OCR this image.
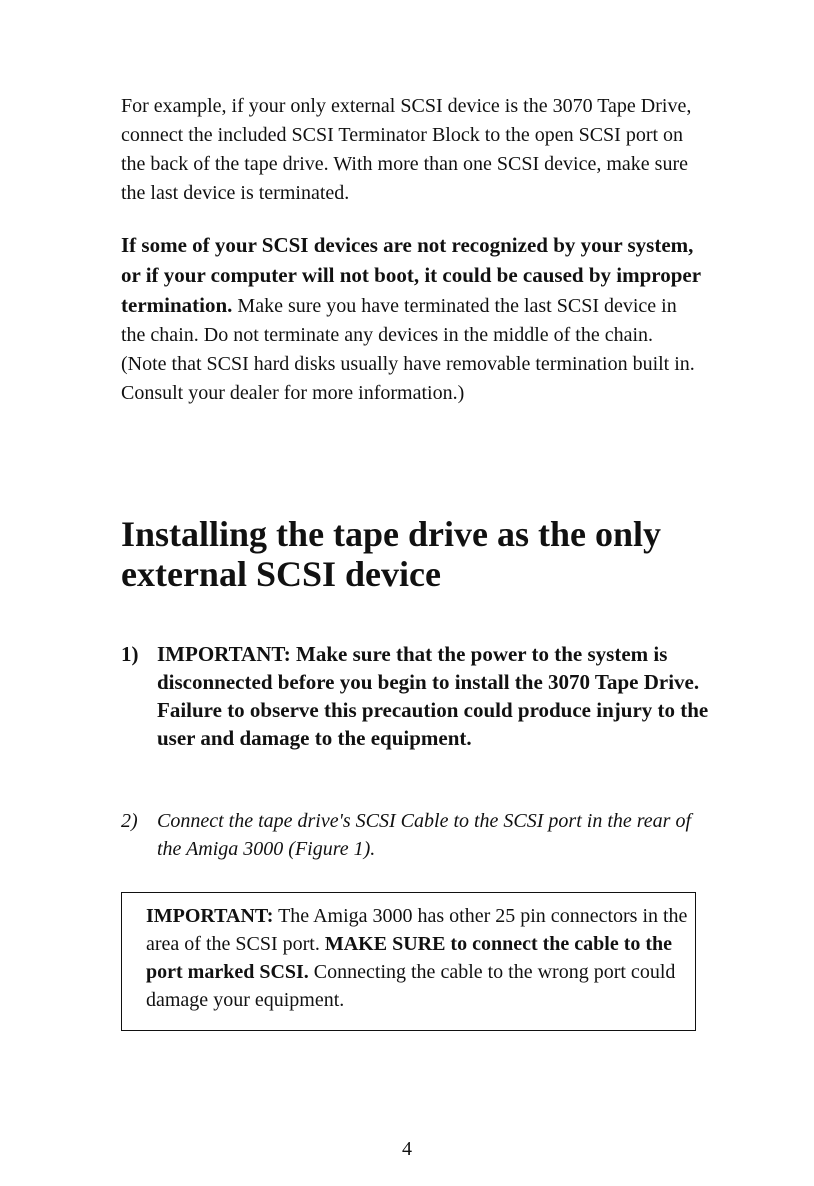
For example, if your only external SCSI device is the 3070 Tape Drive, connect the included SCSI Terminator Block to the open SCSI port on the back of the tape drive. With more than one SCSI device, make sure the last device is terminated.

If some of your SCSI devices are not recognized by your system, or if your computer will not boot, it could be caused by improper termination. Make sure you have terminated the last SCSI device in the chain. Do not terminate any devices in the middle of the chain. (Note that SCSI hard disks usually have removable termination built in. Consult your dealer for more information.)

Installing the tape drive as the only external SCSI device
1) IMPORTANT: Make sure that the power to the system is disconnected before you begin to install the 3070 Tape Drive. Failure to observe this precaution could produce injury to the user and damage to the equipment.
2) Connect the tape drive's SCSI Cable to the SCSI port in the rear of the Amiga 3000 (Figure 1).
IMPORTANT: The Amiga 3000 has other 25 pin connectors in the area of the SCSI port. MAKE SURE to connect the cable to the port marked SCSI. Connecting the cable to the wrong port could damage your equipment.
4
